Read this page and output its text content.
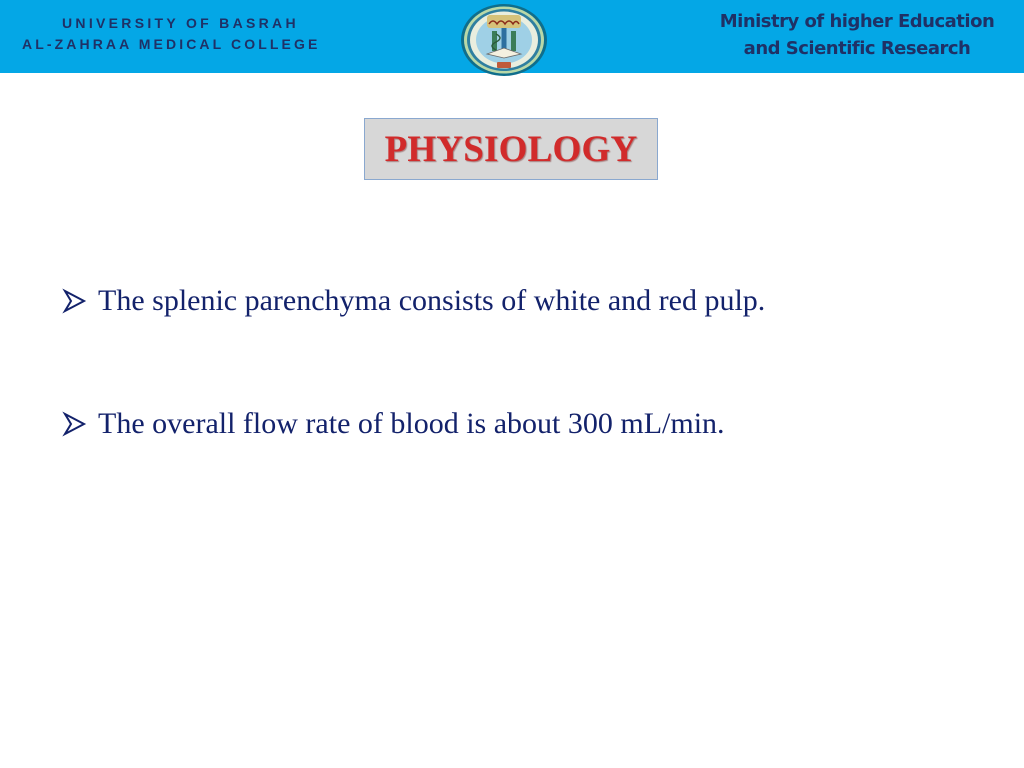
UNIVERSITY OF BASRAH
AL-ZAHRAA MEDICAL COLLEGE
Ministry of higher Education
and Scientific Research
PHYSIOLOGY
The splenic parenchyma consists of white and red pulp.
The overall flow rate of blood is about 300 mL/min.
